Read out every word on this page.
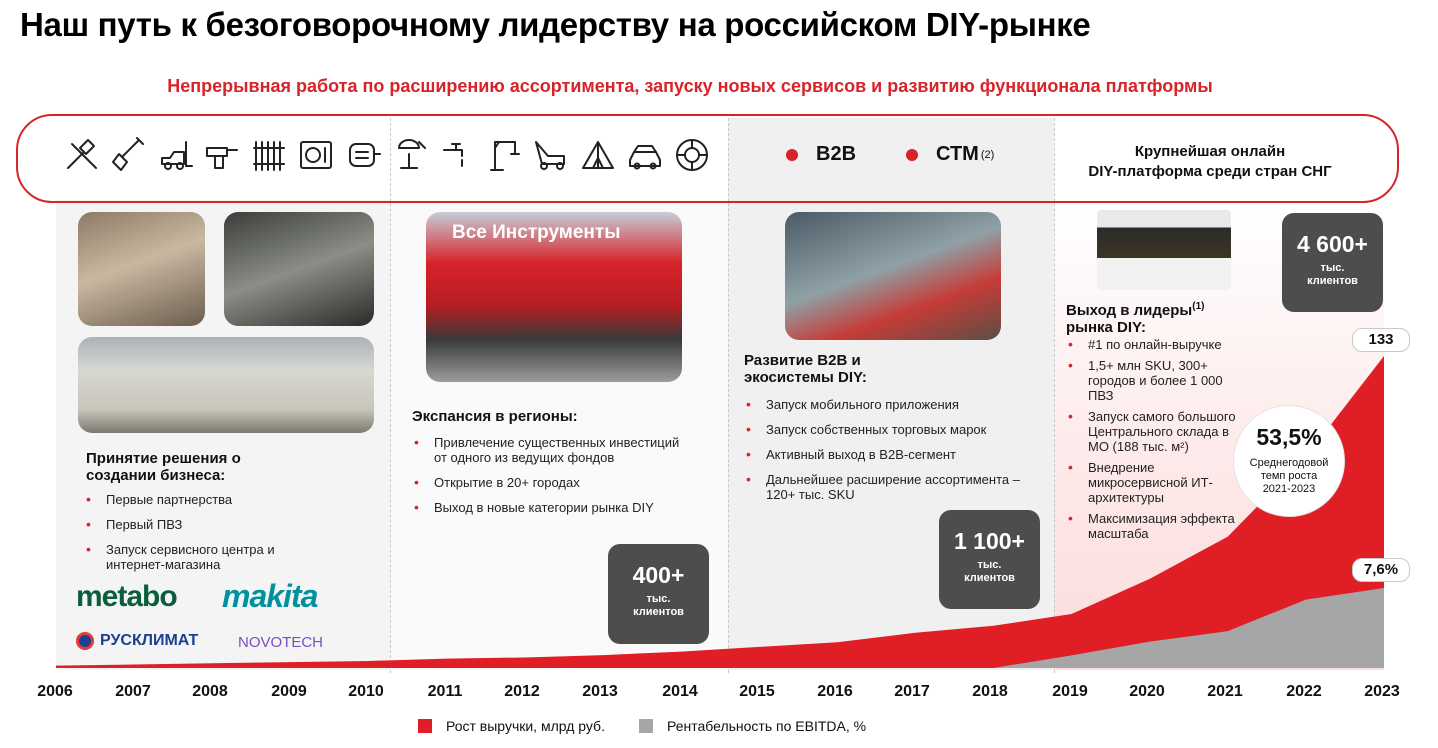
Наш путь к безоговорочному лидерству на российском DIY-рынке
Непрерывная работа по расширению ассортимента, запуску новых сервисов и развитию функционала платформы
B2B	СТМ (2)	Крупнейшая онлайн
DIY-платформа среди стран СНГ
Все Инструменты
Принятие решения о
создании бизнеса:
• Первые партнерства
• Первый ПВЗ
• Запуск сервисного центра и интернет-магазина
metabo makita
РУСКЛИМАТ	NOVOTECH
Экспансия в регионы:
• Привлечение существенных инвестиций от одного из ведущих фондов
• Открытие в 20+ городах
• Выход в новые категории рынка DIY
400+
тыс.
клиентов
Развитие B2B и
экосистемы DIY:
• Запуск мобильного приложения
• Запуск собственных торговых марок
• Активный выход в B2B-сегмент
• Дальнейшее расширение ассортимента – 120+ тыс. SKU
1 100+
тыс.
клиентов
Выход в лидеры$^{(1)}$
рынка DIY:
• #1 по онлайн-выручке
• 1,5+ млн SKU, 300+ городов и более 1 000 ПВЗ
• Запуск самого большого Центрального склада в МО (188 тыс. м²)
• Внедрение микросервисной ИТ-архитектуры
• Максимизация эффекта масштаба
4 600+
тыс.
клиентов
53,5%
Среднегодовой
темп роста
2021-2023
133
7,6%
2006	2007	2008	2009	2010	2011	2012	2013	2014	2015	2016	2017	2018	2019	2020	2021	2022	2023
Рост выручки, млрд руб.	Рентабельность по EBITDA, %
